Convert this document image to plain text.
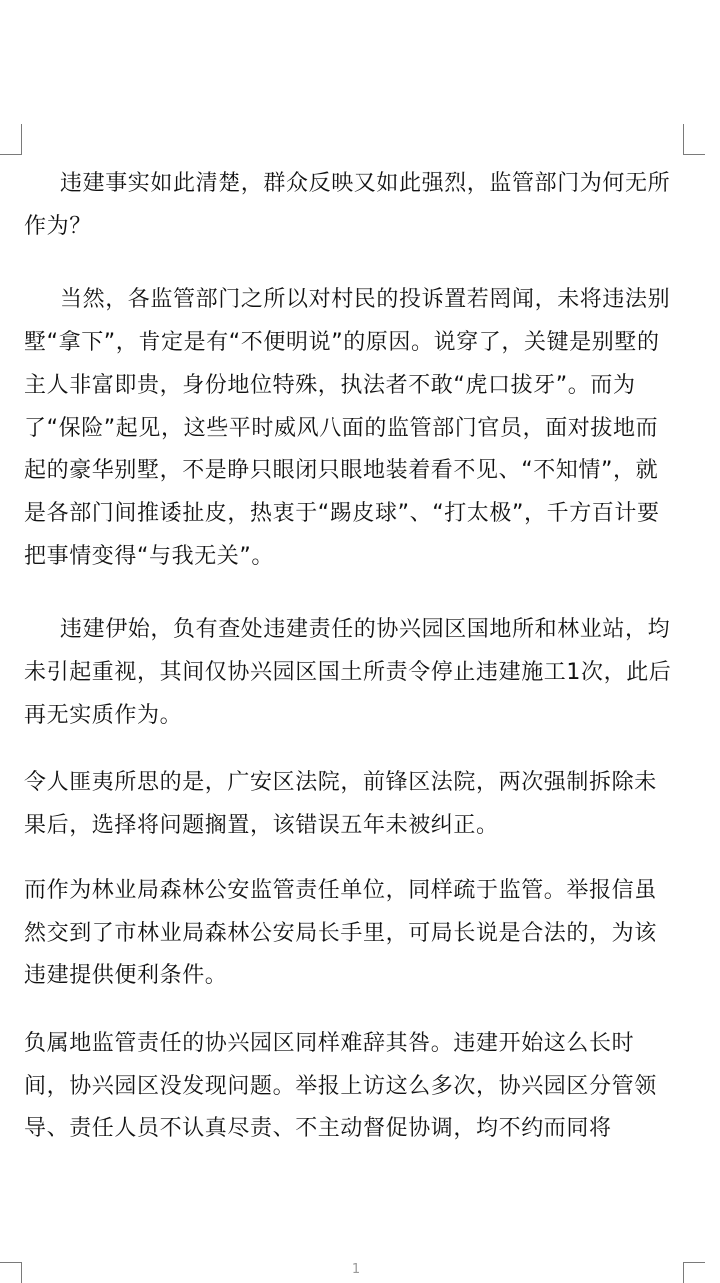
违建事实如此清楚，群众反映又如此强烈，监管部门为何无所作为？

当然，各监管部门之所以对村民的投诉置若罔闻，未将违法别墅“拿下”，肯定是有“不便明说”的原因。说穿了，关键是别墅的主人非富即贵，身份地位特殊，执法者不敢“虎口拔牙”。而为了“保险”起见，这些平时威风八面的监管部门官员，面对拔地而起的豪华别墅，不是睁只眼闭只眼地装着看不见、“不知情”，就是各部门间推诿扯皮，热衷于“踢皮球”、“打太极”，千方百计要把事情变得“与我无关”。

违建伊始，负有查处违建责任的协兴园区国地所和林业站，均未引起重视，其间仅协兴园区国土所责令停止违建施工1次，此后再无实质作为。

令人匪夷所思的是，广安区法院，前锋区法院，两次强制拆除未果后，选择将问题搁置，该错误五年未被纠正。

而作为林业局森林公安监管责任单位，同样疏于监管。举报信虽然交到了市林业局森林公安局长手里，可局长说是合法的，为该违建提供便利条件。

负属地监管责任的协兴园区同样难辞其咎。违建开始这么长时间，协兴园区没发现问题。举报上访这么多次，协兴园区分管领导、责任人员不认真尽责、不主动督促协调，均不约而同将

1
